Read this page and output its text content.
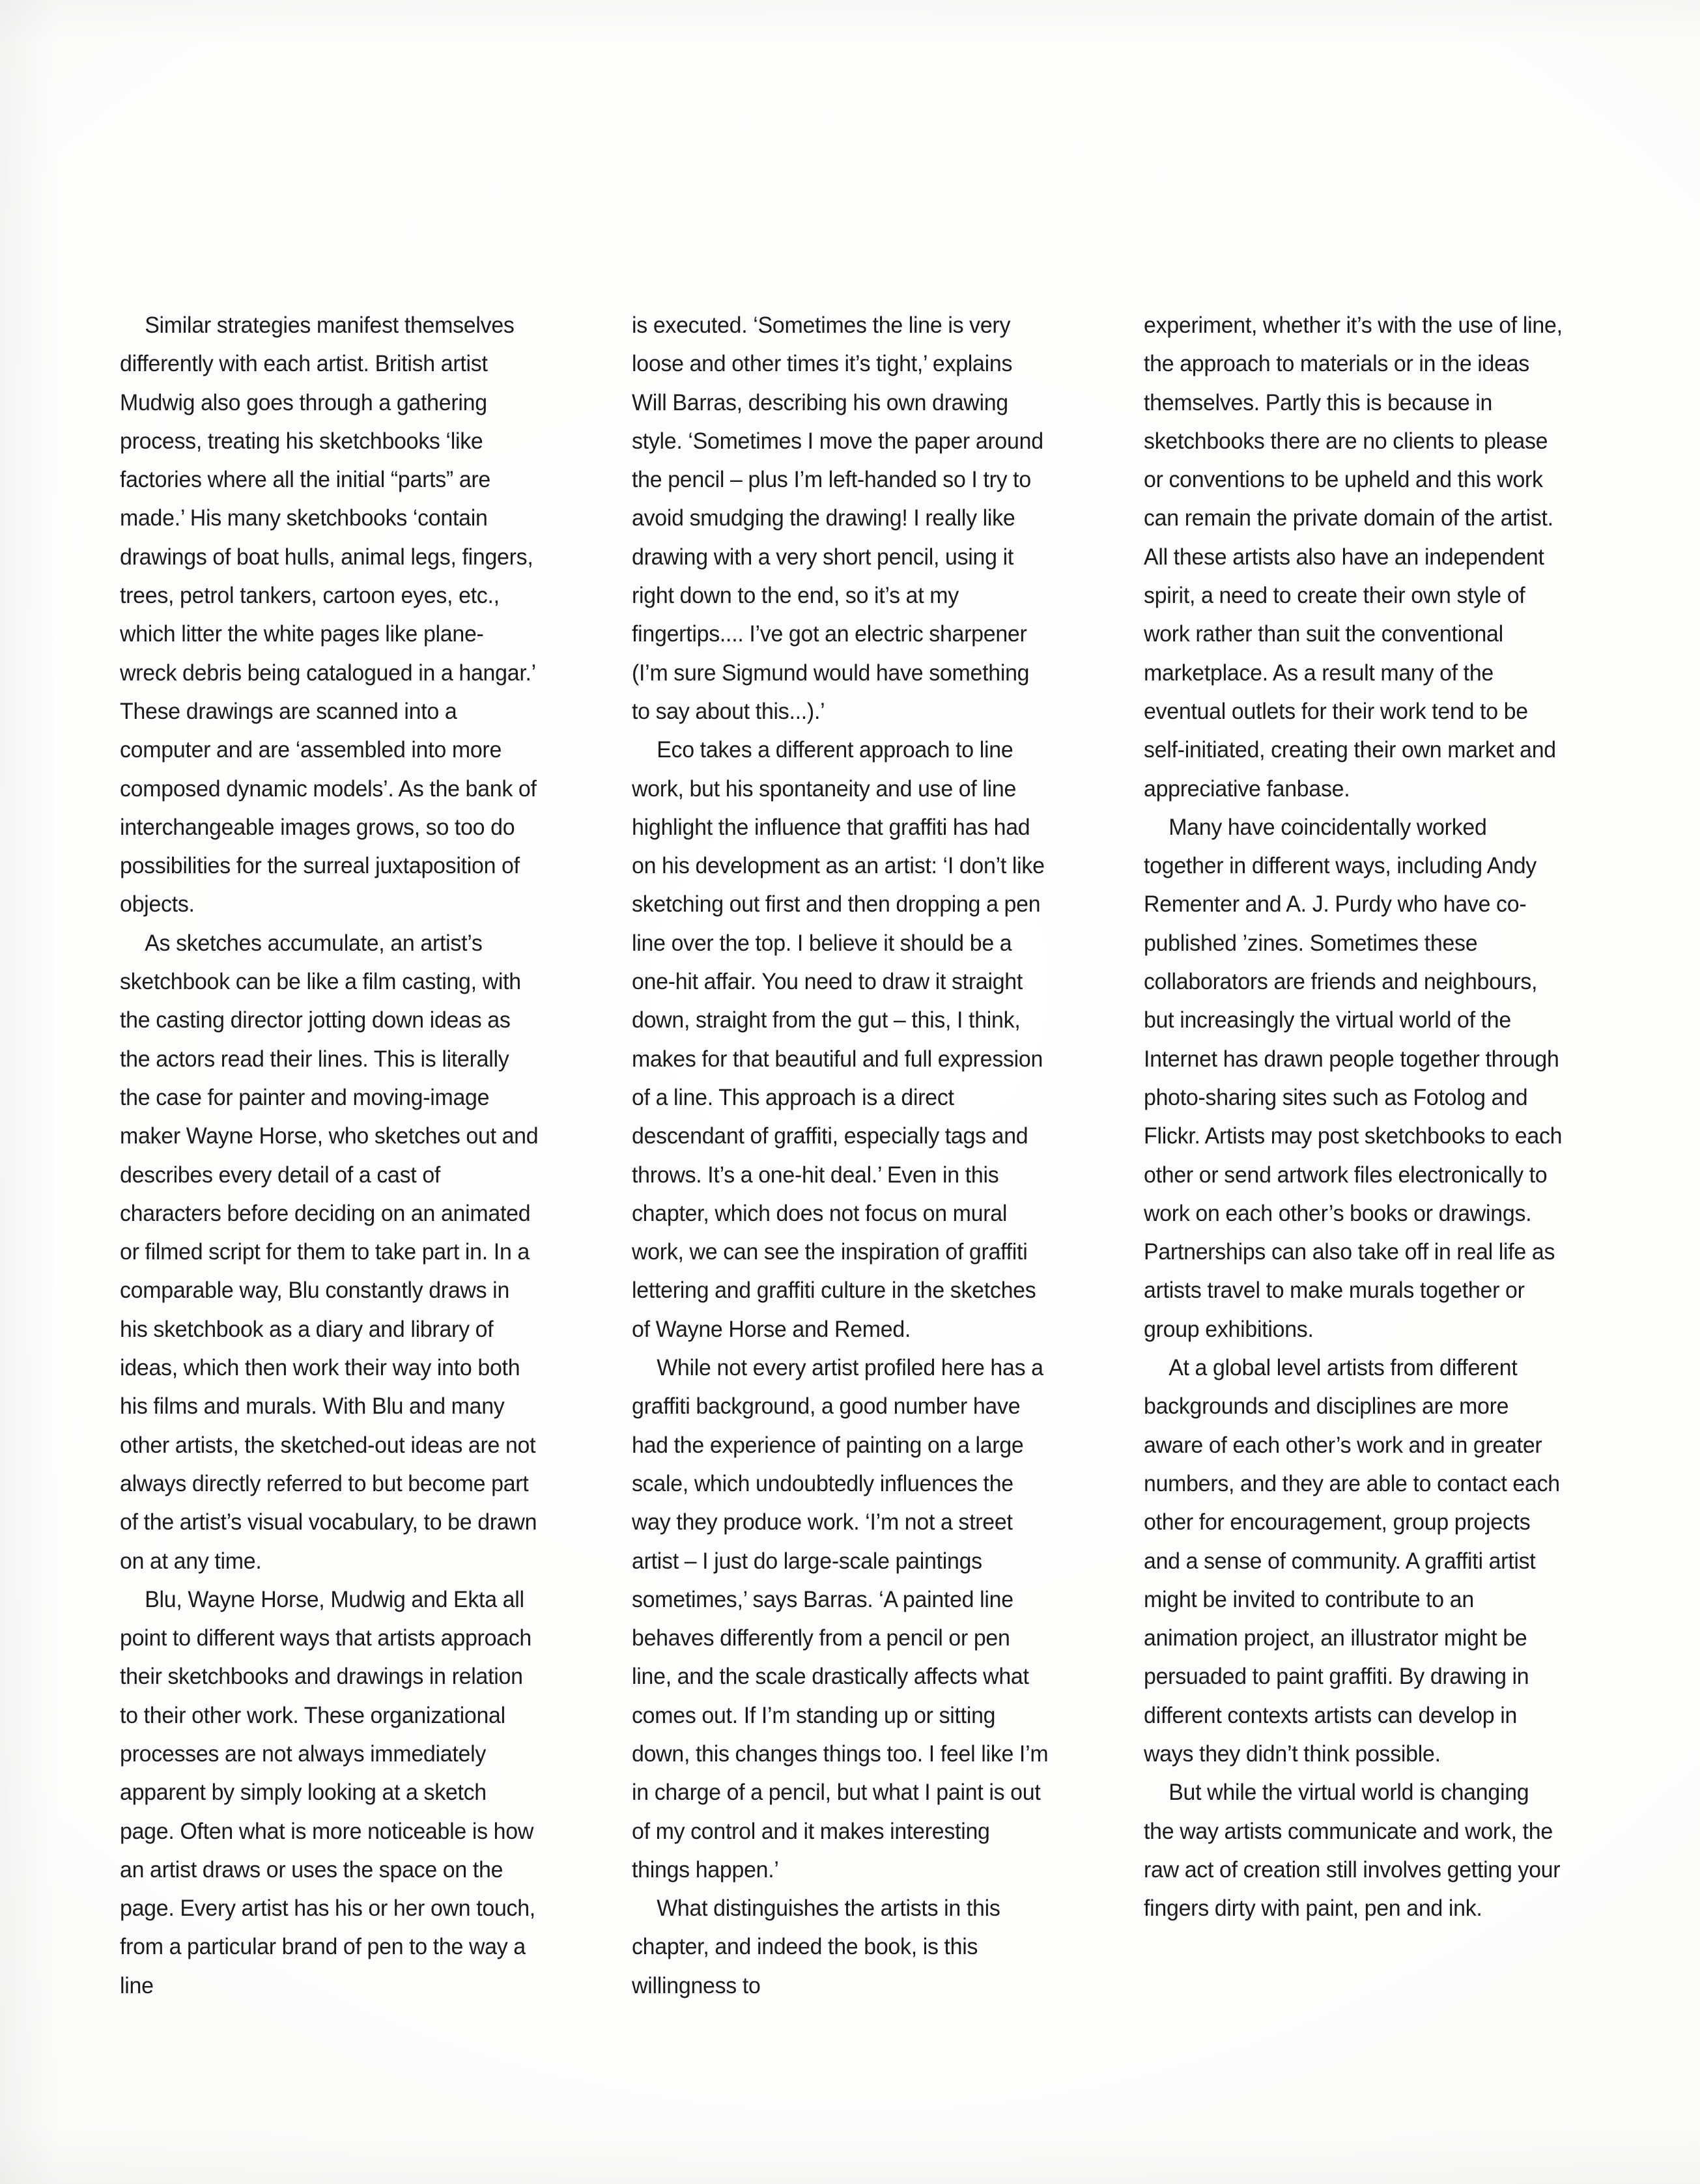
Similar strategies manifest themselves differently with each artist. British artist Mudwig also goes through a gathering process, treating his sketchbooks ‘like factories where all the initial “parts” are made.’ His many sketchbooks ‘contain drawings of boat hulls, animal legs, fingers, trees, petrol tankers, cartoon eyes, etc., which litter the white pages like plane-wreck debris being catalogued in a hangar.’ These drawings are scanned into a computer and are ‘assembled into more composed dynamic models’. As the bank of interchangeable images grows, so too do possibilities for the surreal juxtaposition of objects.

As sketches accumulate, an artist’s sketchbook can be like a film casting, with the casting director jotting down ideas as the actors read their lines. This is literally the case for painter and moving-image maker Wayne Horse, who sketches out and describes every detail of a cast of characters before deciding on an animated or filmed script for them to take part in. In a comparable way, Blu constantly draws in his sketchbook as a diary and library of ideas, which then work their way into both his films and murals. With Blu and many other artists, the sketched-out ideas are not always directly referred to but become part of the artist’s visual vocabulary, to be drawn on at any time.

Blu, Wayne Horse, Mudwig and Ekta all point to different ways that artists approach their sketchbooks and drawings in relation to their other work. These organizational processes are not always immediately apparent by simply looking at a sketch page. Often what is more noticeable is how an artist draws or uses the space on the page. Every artist has his or her own touch, from a particular brand of pen to the way a line

is executed. ‘Sometimes the line is very loose and other times it’s tight,’ explains Will Barras, describing his own drawing style. ‘Sometimes I move the paper around the pencil – plus I’m left-handed so I try to avoid smudging the drawing! I really like drawing with a very short pencil, using it right down to the end, so it’s at my fingertips.... I’ve got an electric sharpener (I’m sure Sigmund would have something to say about this...).’

Eco takes a different approach to line work, but his spontaneity and use of line highlight the influence that graffiti has had on his development as an artist: ‘I don’t like sketching out first and then dropping a pen line over the top. I believe it should be a one-hit affair. You need to draw it straight down, straight from the gut – this, I think, makes for that beautiful and full expression of a line. This approach is a direct descendant of graffiti, especially tags and throws. It’s a one-hit deal.’ Even in this chapter, which does not focus on mural work, we can see the inspiration of graffiti lettering and graffiti culture in the sketches of Wayne Horse and Remed.

While not every artist profiled here has a graffiti background, a good number have had the experience of painting on a large scale, which undoubtedly influences the way they produce work. ‘I’m not a street artist – I just do large-scale paintings sometimes,’ says Barras. ‘A painted line behaves differently from a pencil or pen line, and the scale drastically affects what comes out. If I’m standing up or sitting down, this changes things too. I feel like I’m in charge of a pencil, but what I paint is out of my control and it makes interesting things happen.’

What distinguishes the artists in this chapter, and indeed the book, is this willingness to

experiment, whether it’s with the use of line, the approach to materials or in the ideas themselves. Partly this is because in sketchbooks there are no clients to please or conventions to be upheld and this work can remain the private domain of the artist. All these artists also have an independent spirit, a need to create their own style of work rather than suit the conventional marketplace. As a result many of the eventual outlets for their work tend to be self-initiated, creating their own market and appreciative fanbase.

Many have coincidentally worked together in different ways, including Andy Rementer and A. J. Purdy who have co-published ’zines. Sometimes these collaborators are friends and neighbours, but increasingly the virtual world of the Internet has drawn people together through photo-sharing sites such as Fotolog and Flickr. Artists may post sketchbooks to each other or send artwork files electronically to work on each other’s books or drawings. Partnerships can also take off in real life as artists travel to make murals together or group exhibitions.

At a global level artists from different backgrounds and disciplines are more aware of each other’s work and in greater numbers, and they are able to contact each other for encouragement, group projects and a sense of community. A graffiti artist might be invited to contribute to an animation project, an illustrator might be persuaded to paint graffiti. By drawing in different contexts artists can develop in ways they didn’t think possible.

But while the virtual world is changing the way artists communicate and work, the raw act of creation still involves getting your fingers dirty with paint, pen and ink.
